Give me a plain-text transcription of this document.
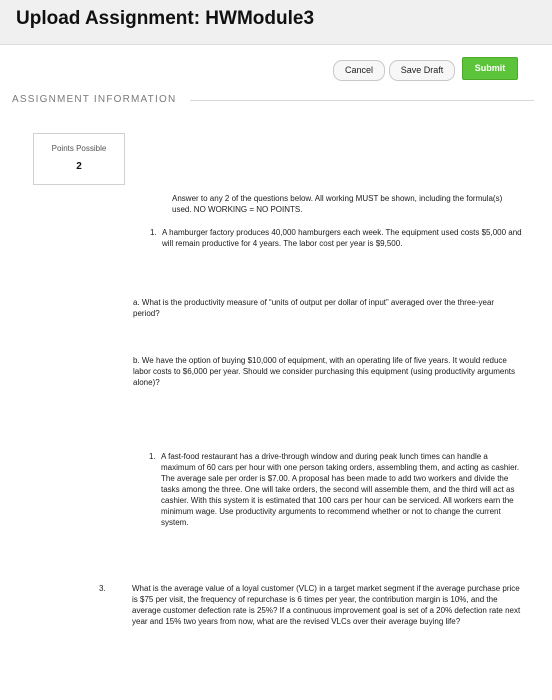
Upload Assignment: HWModule3
Cancel	Save Draft	Submit
ASSIGNMENT INFORMATION
Points Possible
2
Answer to any 2 of the questions below. All working MUST be shown, including the formula(s) used. NO WORKING = NO POINTS.
1. A hamburger factory produces 40,000 hamburgers each week. The equipment used costs $5,000 and will remain productive for 4 years. The labor cost per year is $9,500.
a. What is the productivity measure of “units of output per dollar of input” averaged over the three-year period?
b. We have the option of buying $10,000 of equipment, with an operating life of five years. It would reduce labor costs to $6,000 per year. Should we consider purchasing this equipment (using productivity arguments alone)?
1. A fast-food restaurant has a drive-through window and during peak lunch times can handle a maximum of 60 cars per hour with one person taking orders, assembling them, and acting as cashier. The average sale per order is $7.00. A proposal has been made to add two workers and divide the tasks among the three. One will take orders, the second will assemble them, and the third will act as cashier. With this system it is estimated that 100 cars per hour can be serviced. All workers earn the minimum wage. Use productivity arguments to recommend whether or not to change the current system.
3.	What is the average value of a loyal customer (VLC) in a target market segment if the average purchase price is $75 per visit, the frequency of repurchase is 6 times per year, the contribution margin is 10%, and the average customer defection rate is 25%? If a continuous improvement goal is set of a 20% defection rate next year and 15% two years from now, what are the revised VLCs over their average buying life?
